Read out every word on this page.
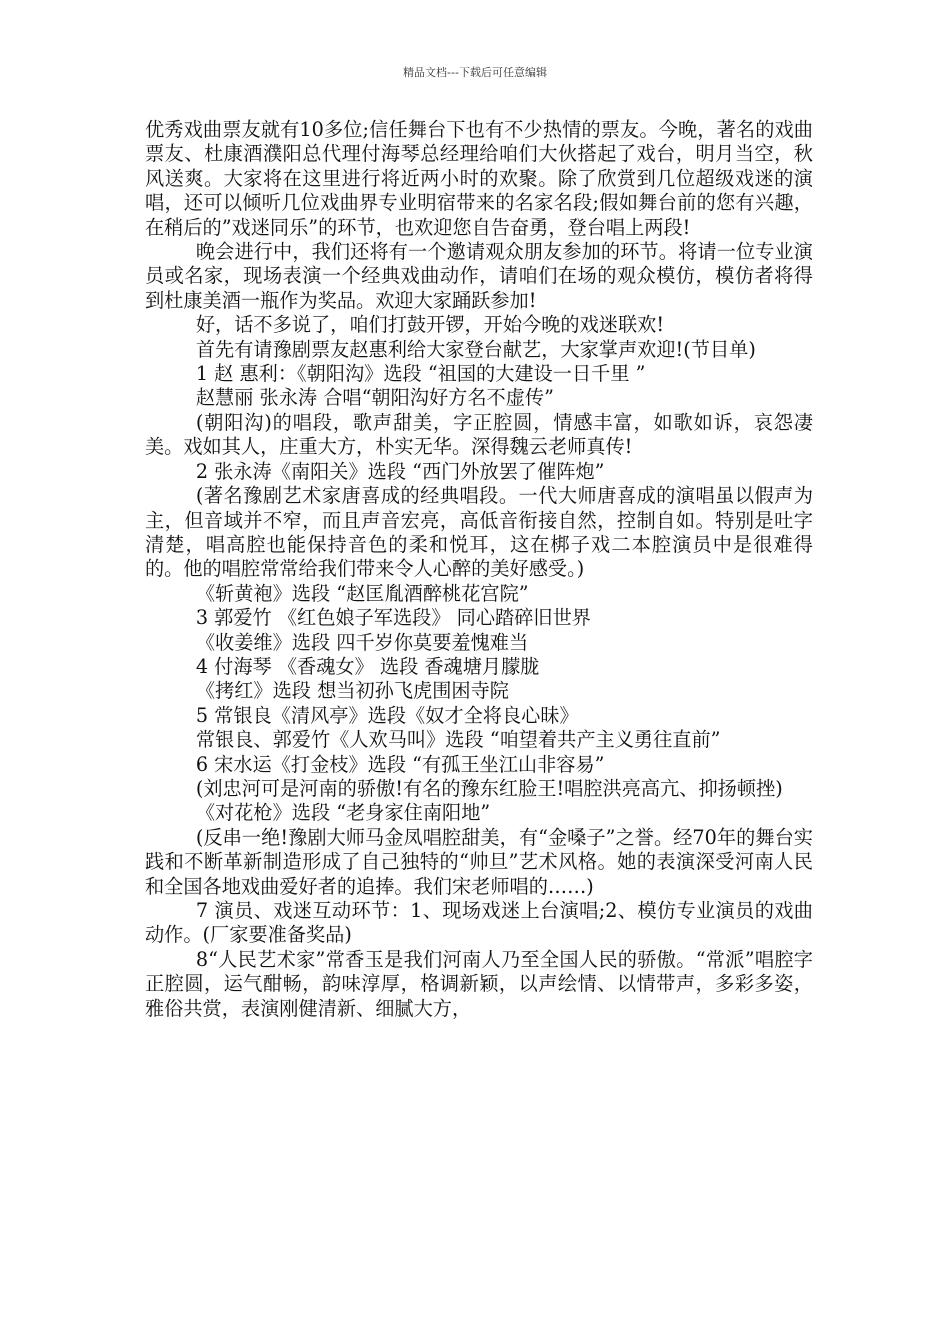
精品文档---下载后可任意编辑

优秀戏曲票友就有10多位;信任舞台下也有不少热情的票友。今晚，著名的戏曲票友、杜康酒濮阳总代理付海琴总经理给咱们大伙搭起了戏台，明月当空，秋风送爽。大家将在这里进行将近两小时的欢聚。除了欣赏到几位超级戏迷的演唱，还可以倾听几位戏曲界专业明宿带来的名家名段;假如舞台前的您有兴趣，在稍后的”戏迷同乐”的环节，也欢迎您自告奋勇，登台唱上两段!

晚会进行中，我们还将有一个邀请观众朋友参加的环节。将请一位专业演员或名家，现场表演一个经典戏曲动作，请咱们在场的观众模仿，模仿者将得到杜康美酒一瓶作为奖品。欢迎大家踊跃参加!

好，话不多说了，咱们打鼓开锣，开始今晚的戏迷联欢!

首先有请豫剧票友赵惠利给大家登台献艺，大家掌声欢迎!(节目单)

1 赵 惠利：《朝阳沟》选段 “祖国的大建设一日千里 ”

赵慧丽 张永涛 合唱“朝阳沟好方名不虚传”

(朝阳沟)的唱段，歌声甜美，字正腔圆，情感丰富，如歌如诉，哀怨凄美。戏如其人，庄重大方，朴实无华。深得魏云老师真传!

2 张永涛《南阳关》选段 “西门外放罢了催阵炮”

(著名豫剧艺术家唐喜成的经典唱段。一代大师唐喜成的演唱虽以假声为主，但音域并不窄，而且声音宏亮，高低音衔接自然，控制自如。特别是吐字清楚，唱高腔也能保持音色的柔和悦耳，这在梆子戏二本腔演员中是很难得的。他的唱腔常常给我们带来令人心醉的美好感受。)

《斩黄袍》选段 “赵匡胤酒醉桃花宫院”

3 郭爱竹 《红色娘子军选段》 同心踏碎旧世界

《收姜维》选段 四千岁你莫要羞愧难当

4 付海琴 《香魂女》 选段 香魂塘月朦胧

《拷红》选段 想当初孙飞虎围困寺院

5 常银良《清风亭》选段《奴才全将良心昧》

常银良、郭爱竹《人欢马叫》选段 “咱望着共产主义勇往直前”

6 宋水运《打金枝》选段 “有孤王坐江山非容易”

(刘忠河可是河南的骄傲!有名的豫东红脸王!唱腔洪亮高亢、抑扬顿挫)

《对花枪》选段 “老身家住南阳地”

(反串一绝!豫剧大师马金凤唱腔甜美，有“金嗓子”之誉。经70年的舞台实践和不断革新制造形成了自己独特的“帅旦”艺术风格。她的表演深受河南人民和全国各地戏曲爱好者的追捧。我们宋老师唱的……)

7 演员、戏迷互动环节：1、现场戏迷上台演唱;2、模仿专业演员的戏曲动作。(厂家要准备奖品)

8“人民艺术家”常香玉是我们河南人乃至全国人民的骄傲。“常派”唱腔字正腔圆，运气酣畅，韵味淳厚，格调新颖，以声绘情、以情带声，多彩多姿，雅俗共赏，表演刚健清新、细腻大方，
